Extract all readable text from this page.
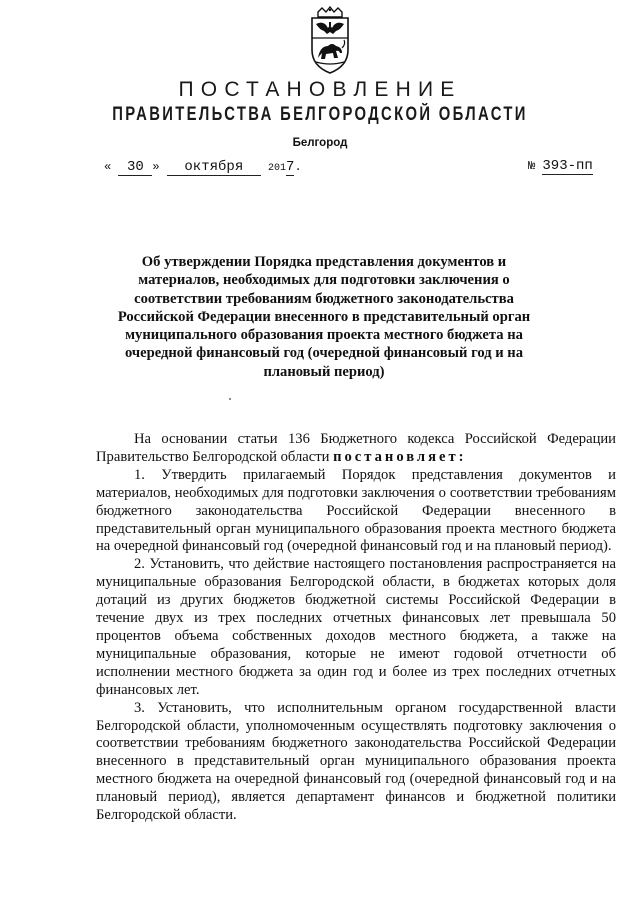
ПОСТАНОВЛЕНИЕ
ПРАВИТЕЛЬСТВА БЕЛГОРОДСКОЙ ОБЛАСТИ
Белгород
« 30 » октября 2017.	№ 393-пп
Об утверждении Порядка представления документов и материалов, необходимых для подготовки заключения о соответствии требованиям бюджетного законодательства Российской Федерации внесенного в представительный орган муниципального образования проекта местного бюджета на очередной финансовый год (очередной финансовый год и на плановый период)

На основании статьи 136 Бюджетного кодекса Российской Федерации Правительство Белгородской области постановляет:

1. Утвердить прилагаемый Порядок представления документов и материалов, необходимых для подготовки заключения о соответствии требованиям бюджетного законодательства Российской Федерации внесенного в представительный орган муниципального образования проекта местного бюджета на очередной финансовый год (очередной финансовый год и на плановый период).

2. Установить, что действие настоящего постановления распространяется на муниципальные образования Белгородской области, в бюджетах которых доля дотаций из других бюджетов бюджетной системы Российской Федерации в течение двух из трех последних отчетных финансовых лет превышала 50 процентов объема собственных доходов местного бюджета, а также на муниципальные образования, которые не имеют годовой отчетности об исполнении местного бюджета за один год и более из трех последних отчетных финансовых лет.

3. Установить, что исполнительным органом государственной власти Белгородской области, уполномоченным осуществлять подготовку заключения о соответствии требованиям бюджетного законодательства Российской Федерации внесенного в представительный орган муниципального образования проекта местного бюджета на очередной финансовый год (очередной финансовый год и на плановый период), является департамент финансов и бюджетной политики Белгородской области.
